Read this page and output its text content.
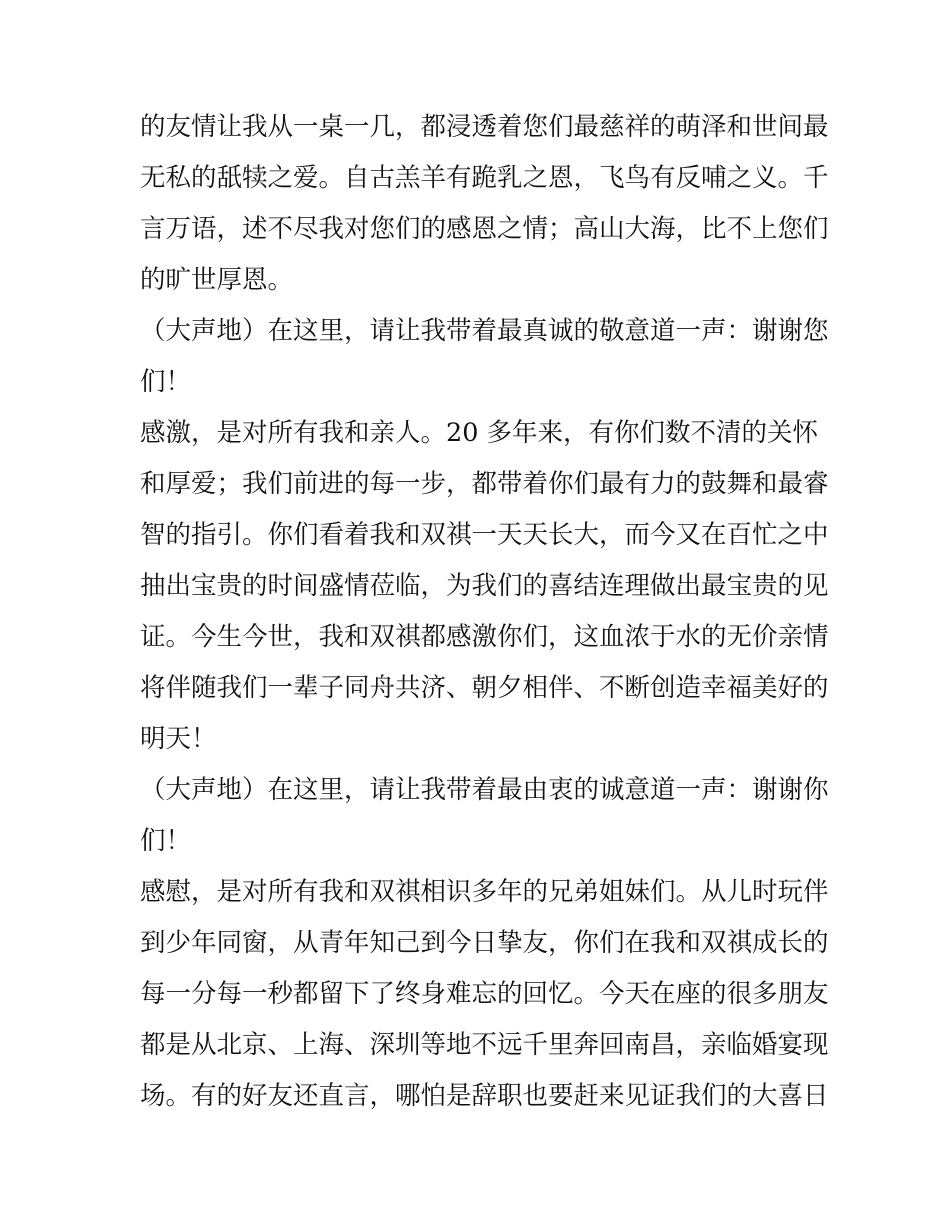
的友情让我从一桌一几，都浸透着您们最慈祥的萌泽和世间最
无私的舐犊之爱。自古羔羊有跪乳之恩，飞鸟有反哺之义。千
言万语，述不尽我对您们的感恩之情；高山大海，比不上您们
的旷世厚恩。
（大声地）在这里，请让我带着最真诚的敬意道一声：谢谢您
们！
感激，是对所有我和亲人。20 多年来，有你们数不清的关怀
和厚爱；我们前进的每一步，都带着你们最有力的鼓舞和最睿
智的指引。你们看着我和双祺一天天长大，而今又在百忙之中
抽出宝贵的时间盛情莅临，为我们的喜结连理做出最宝贵的见
证。今生今世，我和双祺都感激你们，这血浓于水的无价亲情
将伴随我们一辈子同舟共济、朝夕相伴、不断创造幸福美好的
明天！
（大声地）在这里，请让我带着最由衷的诚意道一声：谢谢你
们！
感慰，是对所有我和双祺相识多年的兄弟姐妹们。从儿时玩伴
到少年同窗，从青年知己到今日挚友，你们在我和双祺成长的
每一分每一秒都留下了终身难忘的回忆。今天在座的很多朋友
都是从北京、上海、深圳等地不远千里奔回南昌，亲临婚宴现
场。有的好友还直言，哪怕是辞职也要赶来见证我们的大喜日
